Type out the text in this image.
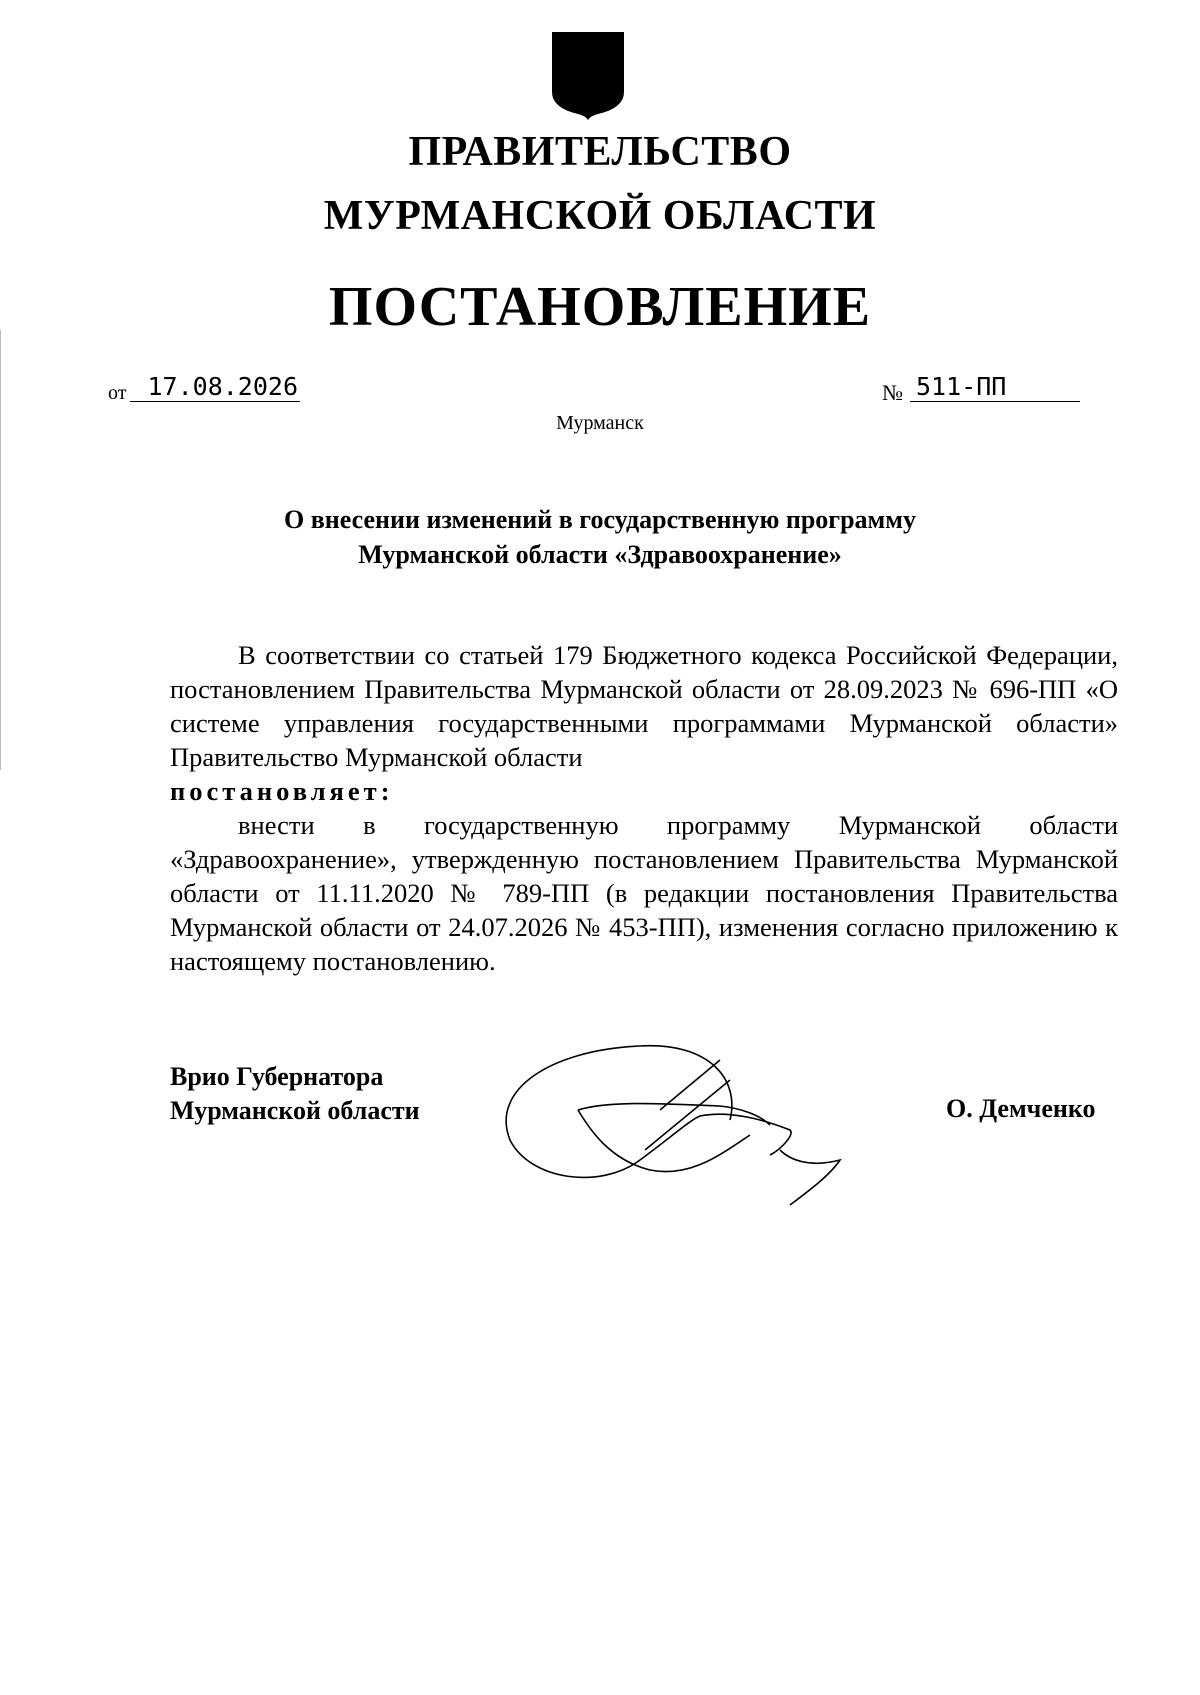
ПРАВИТЕЛЬСТВО
МУРМАНСКОЙ ОБЛАСТИ
ПОСТАНОВЛЕНИЕ
от 17.08.2026	№ 511-ПП
Мурманск
О внесении изменений в государственную программу
Мурманской области «Здравоохранение»

В соответствии со статьей 179 Бюджетного кодекса Российской Федерации, постановлением Правительства Мурманской области от 28.09.2023 № 696-ПП «О системе управления государственными программами Мурманской области» Правительство Мурманской области

постановляет:

внести в государственную программу Мурманской области «Здравоохранение», утвержденную постановлением Правительства Мурманской области от 11.11.2020 № 789-ПП (в редакции постановления Правительства Мурманской области от 24.07.2026 № 453-ПП), изменения согласно приложению к настоящему постановлению.

Врио Губернатора
Мурманской области	О. Демченко
